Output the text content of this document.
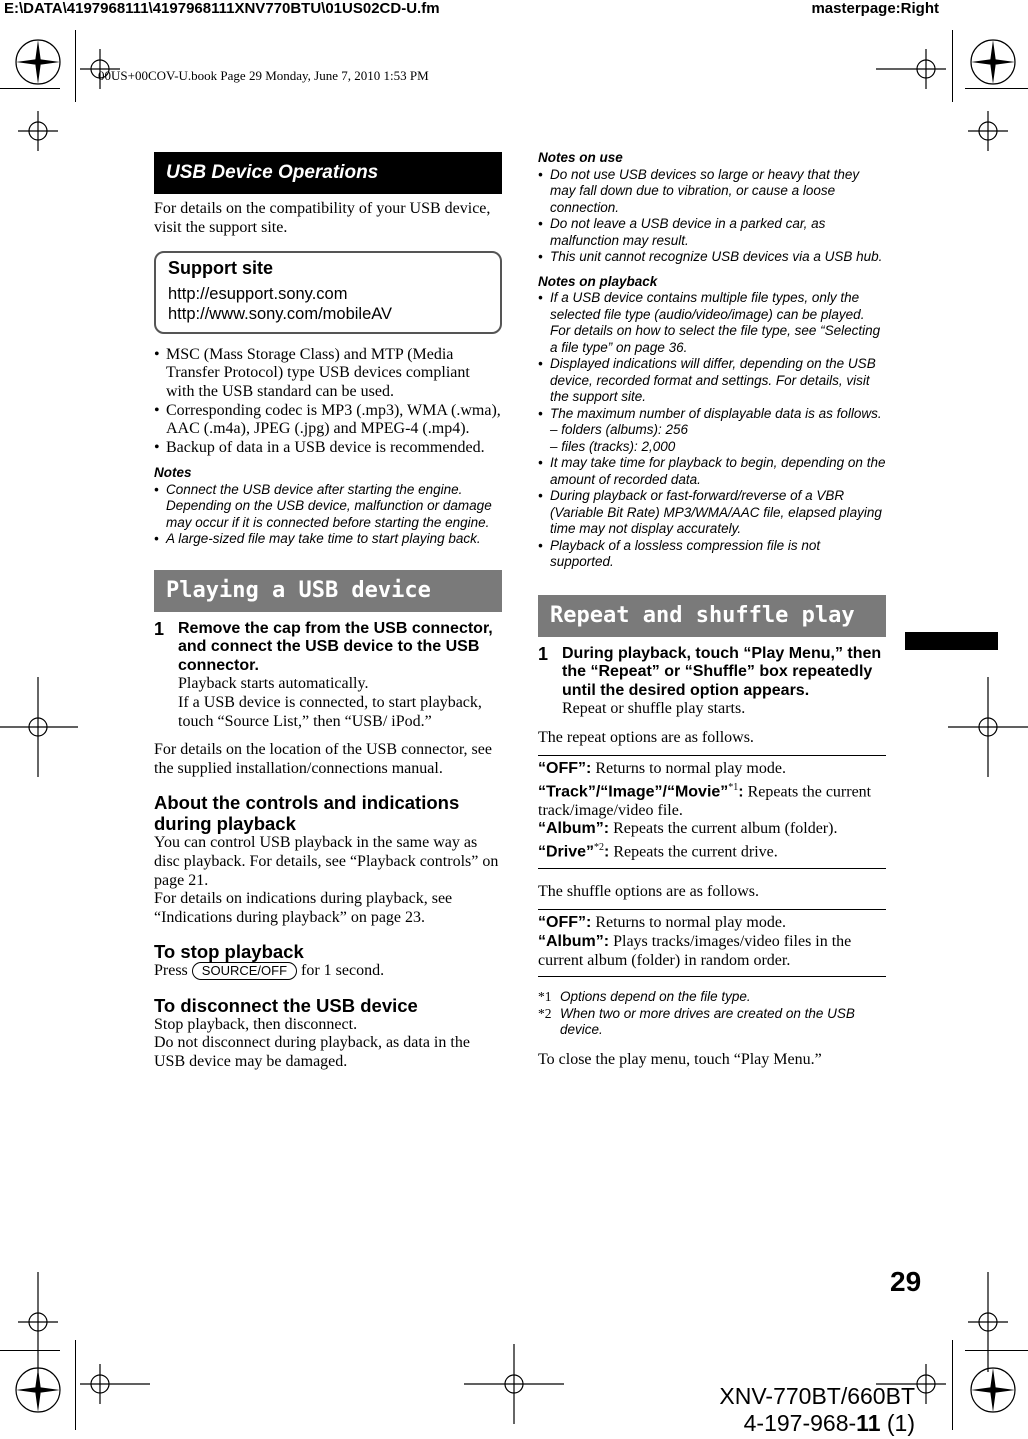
E:\DATA\4197968111\4197968111XNV770BTU\01US02CD-U.fm	masterpage:Right
00US+00COV-U.book Page 29 Monday, June 7, 2010 1:53 PM
USB Device Operations

For details on the compatibility of your USB device, visit the support site.

Support site
http://esupport.sony.com
http://www.sony.com/mobileAV
• MSC (Mass Storage Class) and MTP (Media Transfer Protocol) type USB devices compliant with the USB standard can be used.
• Corresponding codec is MP3 (.mp3), WMA (.wma), AAC (.m4a), JPEG (.jpg) and MPEG-4 (.mp4).
• Backup of data in a USB device is recommended.
Notes
• Connect the USB device after starting the engine. Depending on the USB device, malfunction or damage may occur if it is connected before starting the engine.
• A large-sized file may take time to start playing back.
Playing a USB device
1 Remove the cap from the USB connector, and connect the USB device to the USB connector.

Playback starts automatically.

If a USB device is connected, to start playback, touch “Source List,” then “USB/ iPod.”

For details on the location of the USB connector, see the supplied installation/connections manual.

About the controls and indications during playback

You can control USB playback in the same way as disc playback. For details, see “Playback controls” on page 21.

For details on indications during playback, see “Indications during playback” on page 23.

To stop playback

Press SOURCE/OFF for 1 second.

To disconnect the USB device

Stop playback, then disconnect.

Do not disconnect during playback, as data in the USB device may be damaged.

Notes on use
• Do not use USB devices so large or heavy that they may fall down due to vibration, or cause a loose connection.
• Do not leave a USB device in a parked car, as malfunction may result.
• This unit cannot recognize USB devices via a USB hub.
Notes on playback
• If a USB device contains multiple file types, only the selected file type (audio/video/image) can be played. For details on how to select the file type, see “Selecting a file type” on page 36.
• Displayed indications will differ, depending on the USB device, recorded format and settings. For details, visit the support site.
• The maximum number of displayable data is as follows.
– folders (albums): 256
– files (tracks): 2,000
• It may take time for playback to begin, depending on the amount of recorded data.
• During playback or fast-forward/reverse of a VBR (Variable Bit Rate) MP3/WMA/AAC file, elapsed playing time may not display accurately.
• Playback of a lossless compression file is not supported.
Repeat and shuffle play
1 During playback, touch “Play Menu,” then the “Repeat” or “Shuffle” box repeatedly until the desired option appears.

Repeat or shuffle play starts.

The repeat options are as follows.

“OFF”: Returns to normal play mode.

“Track”/“Image”/“Movie”$^{*1}$: Repeats the current track/image/video file.

“Album”: Repeats the current album (folder).

“Drive”$^{*2}$: Repeats the current drive.

The shuffle options are as follows.

“OFF”: Returns to normal play mode.

“Album”: Plays tracks/images/video files in the current album (folder) in random order.

*1 Options depend on the file type.
*2 When two or more drives are created on the USB device.

To close the play menu, touch “Play Menu.”

29
XNV-770BT/660BT
4-197-968-11 (1)
